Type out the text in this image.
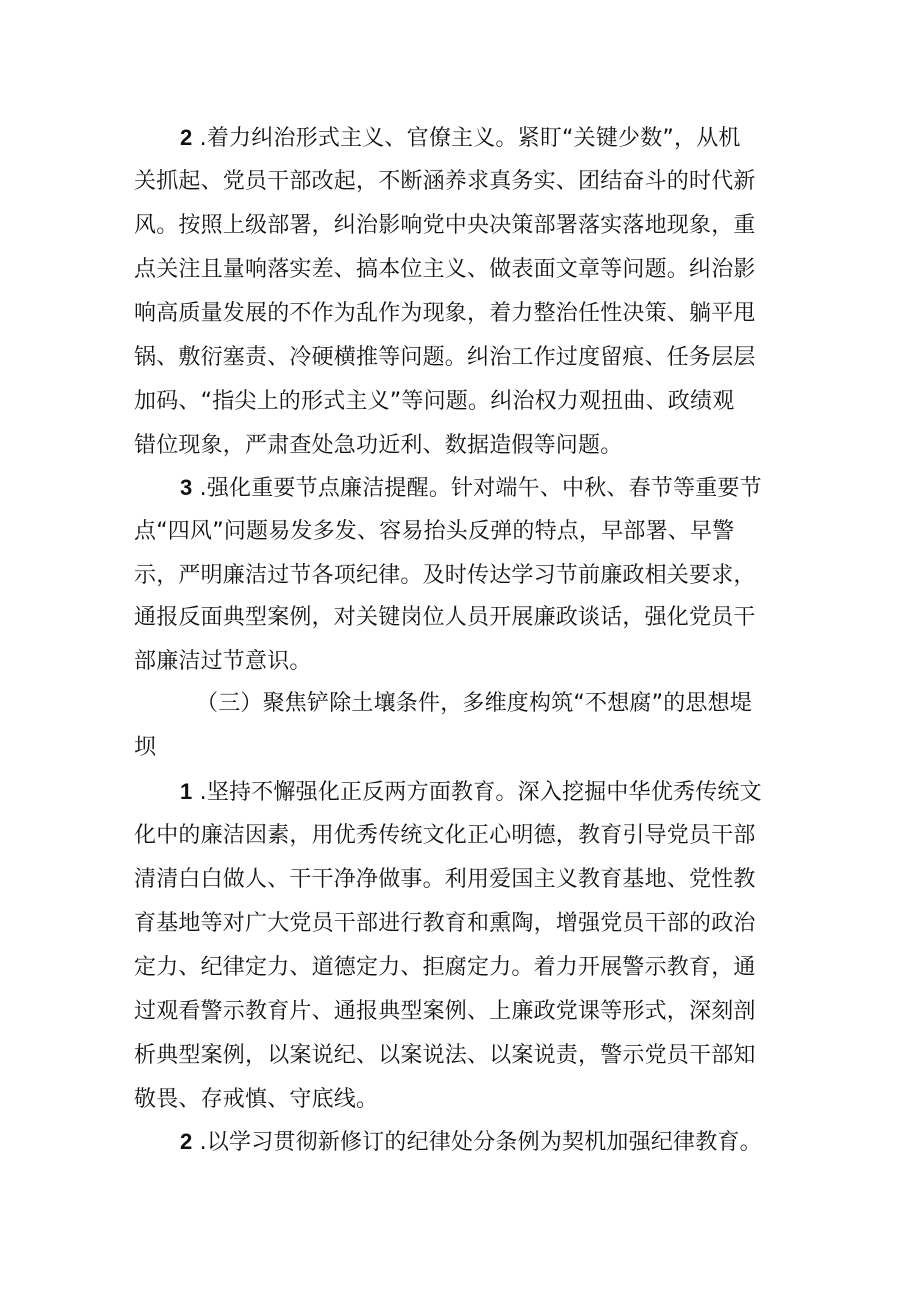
2 .着力纠治形式主义、官僚主义。紧盯“关键少数”，从机
关抓起、党员干部改起，不断涵养求真务实、团结奋斗的时代新
风。按照上级部署，纠治影响党中央决策部署落实落地现象，重
点关注且量响落实差、搞本位主义、做表面文章等问题。纠治影
响高质量发展的不作为乱作为现象，着力整治任性决策、躺平甩
锅、敷衍塞责、冷硬横推等问题。纠治工作过度留痕、任务层层
加码、“指尖上的形式主义”等问题。纠治权力观扭曲、政绩观
错位现象，严肃查处急功近利、数据造假等问题。
3 .强化重要节点廉洁提醒。针对端午、中秋、春节等重要节
点“四风”问题易发多发、容易抬头反弹的特点，早部署、早警
示，严明廉洁过节各项纪律。及时传达学习节前廉政相关要求，
通报反面典型案例，对关键岗位人员开展廉政谈话，强化党员干
部廉洁过节意识。
（三）聚焦铲除土壤条件，多维度构筑“不想腐”的思想堤
坝
1 .坚持不懈强化正反两方面教育。深入挖掘中华优秀传统文
化中的廉洁因素，用优秀传统文化正心明德，教育引导党员干部
清清白白做人、干干净净做事。利用爱国主义教育基地、党性教
育基地等对广大党员干部进行教育和熏陶，增强党员干部的政治
定力、纪律定力、道德定力、拒腐定力。着力开展警示教育，通
过观看警示教育片、通报典型案例、上廉政党课等形式，深刻剖
析典型案例，以案说纪、以案说法、以案说责，警示党员干部知
敬畏、存戒慎、守底线。
2 .以学习贯彻新修订的纪律处分条例为契机加强纪律教育。
